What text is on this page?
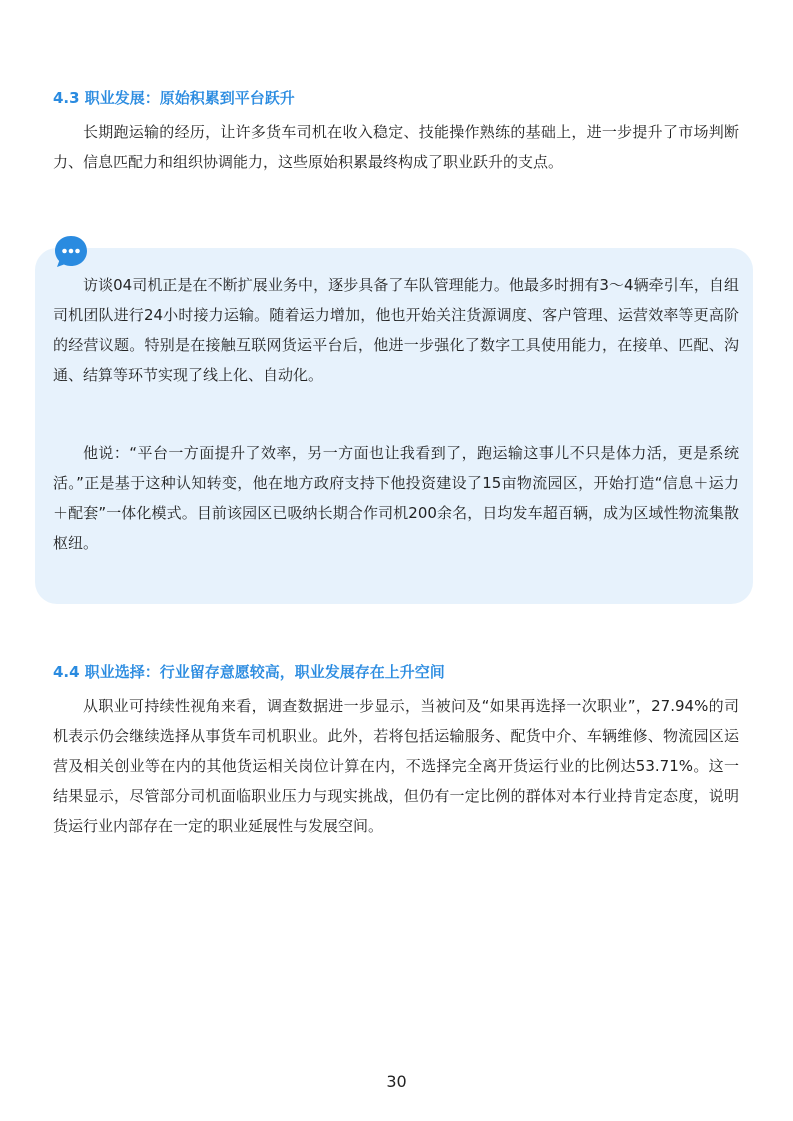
4.3 职业发展：原始积累到平台跃升

长期跑运输的经历，让许多货车司机在收入稳定、技能操作熟练的基础上，进一步提升了市场判断力、信息匹配力和组织协调能力，这些原始积累最终构成了职业跃升的支点。

访谈04司机正是在不断扩展业务中，逐步具备了车队管理能力。他最多时拥有3～4辆牵引车，自组司机团队进行24小时接力运输。随着运力增加，他也开始关注货源调度、客户管理、运营效率等更高阶的经营议题。特别是在接触互联网货运平台后，他进一步强化了数字工具使用能力，在接单、匹配、沟通、结算等环节实现了线上化、自动化。

他说：“平台一方面提升了效率，另一方面也让我看到了，跑运输这事儿不只是体力活，更是系统活。”正是基于这种认知转变，他在地方政府支持下他投资建设了15亩物流园区，开始打造“信息＋运力＋配套”一体化模式。目前该园区已吸纳长期合作司机200余名，日均发车超百辆，成为区域性物流集散枢纽。

4.4 职业选择：行业留存意愿较高，职业发展存在上升空间

从职业可持续性视角来看，调查数据进一步显示，当被问及“如果再选择一次职业”，27.94%的司机表示仍会继续选择从事货车司机职业。此外，若将包括运输服务、配货中介、车辆维修、物流园区运营及相关创业等在内的其他货运相关岗位计算在内，不选择完全离开货运行业的比例达53.71%。这一结果显示，尽管部分司机面临职业压力与现实挑战，但仍有一定比例的群体对本行业持肯定态度，说明货运行业内部存在一定的职业延展性与发展空间。

30
